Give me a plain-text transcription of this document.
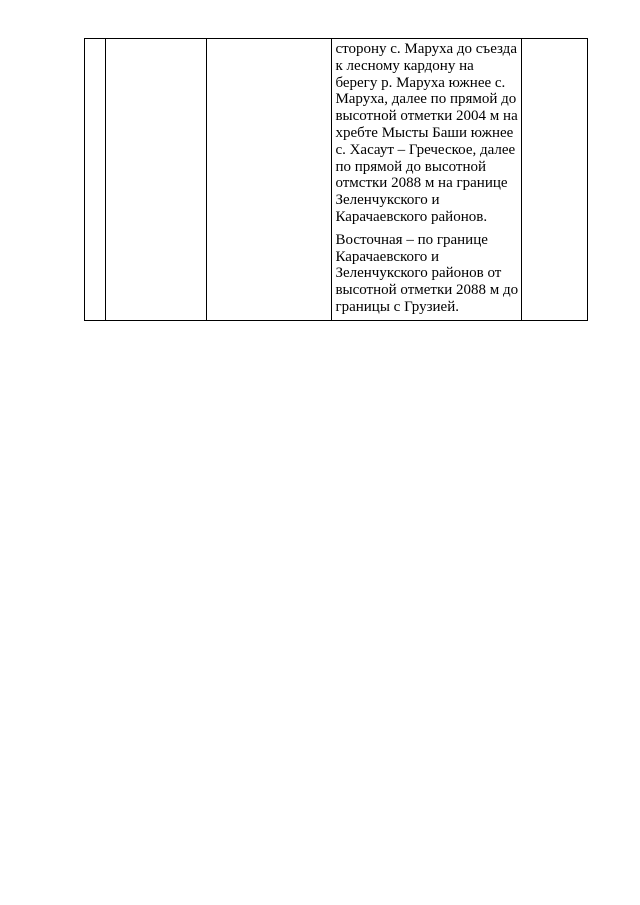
сторону с. Маруха до съезда
к лесному кардону на
берегу р. Маруха южнее с.
Маруха, далее по прямой до
высотной отметки 2004 м на
хребте Мысты Баши южнее
с. Хасаут – Греческое, далее
по прямой до высотной
отмстки 2088 м на границе
Зеленчукского и
Карачаевского районов.

Восточная – по границе
Карачаевского и
Зеленчукского районов от
высотной отметки 2088 м до
границы с Грузией.
